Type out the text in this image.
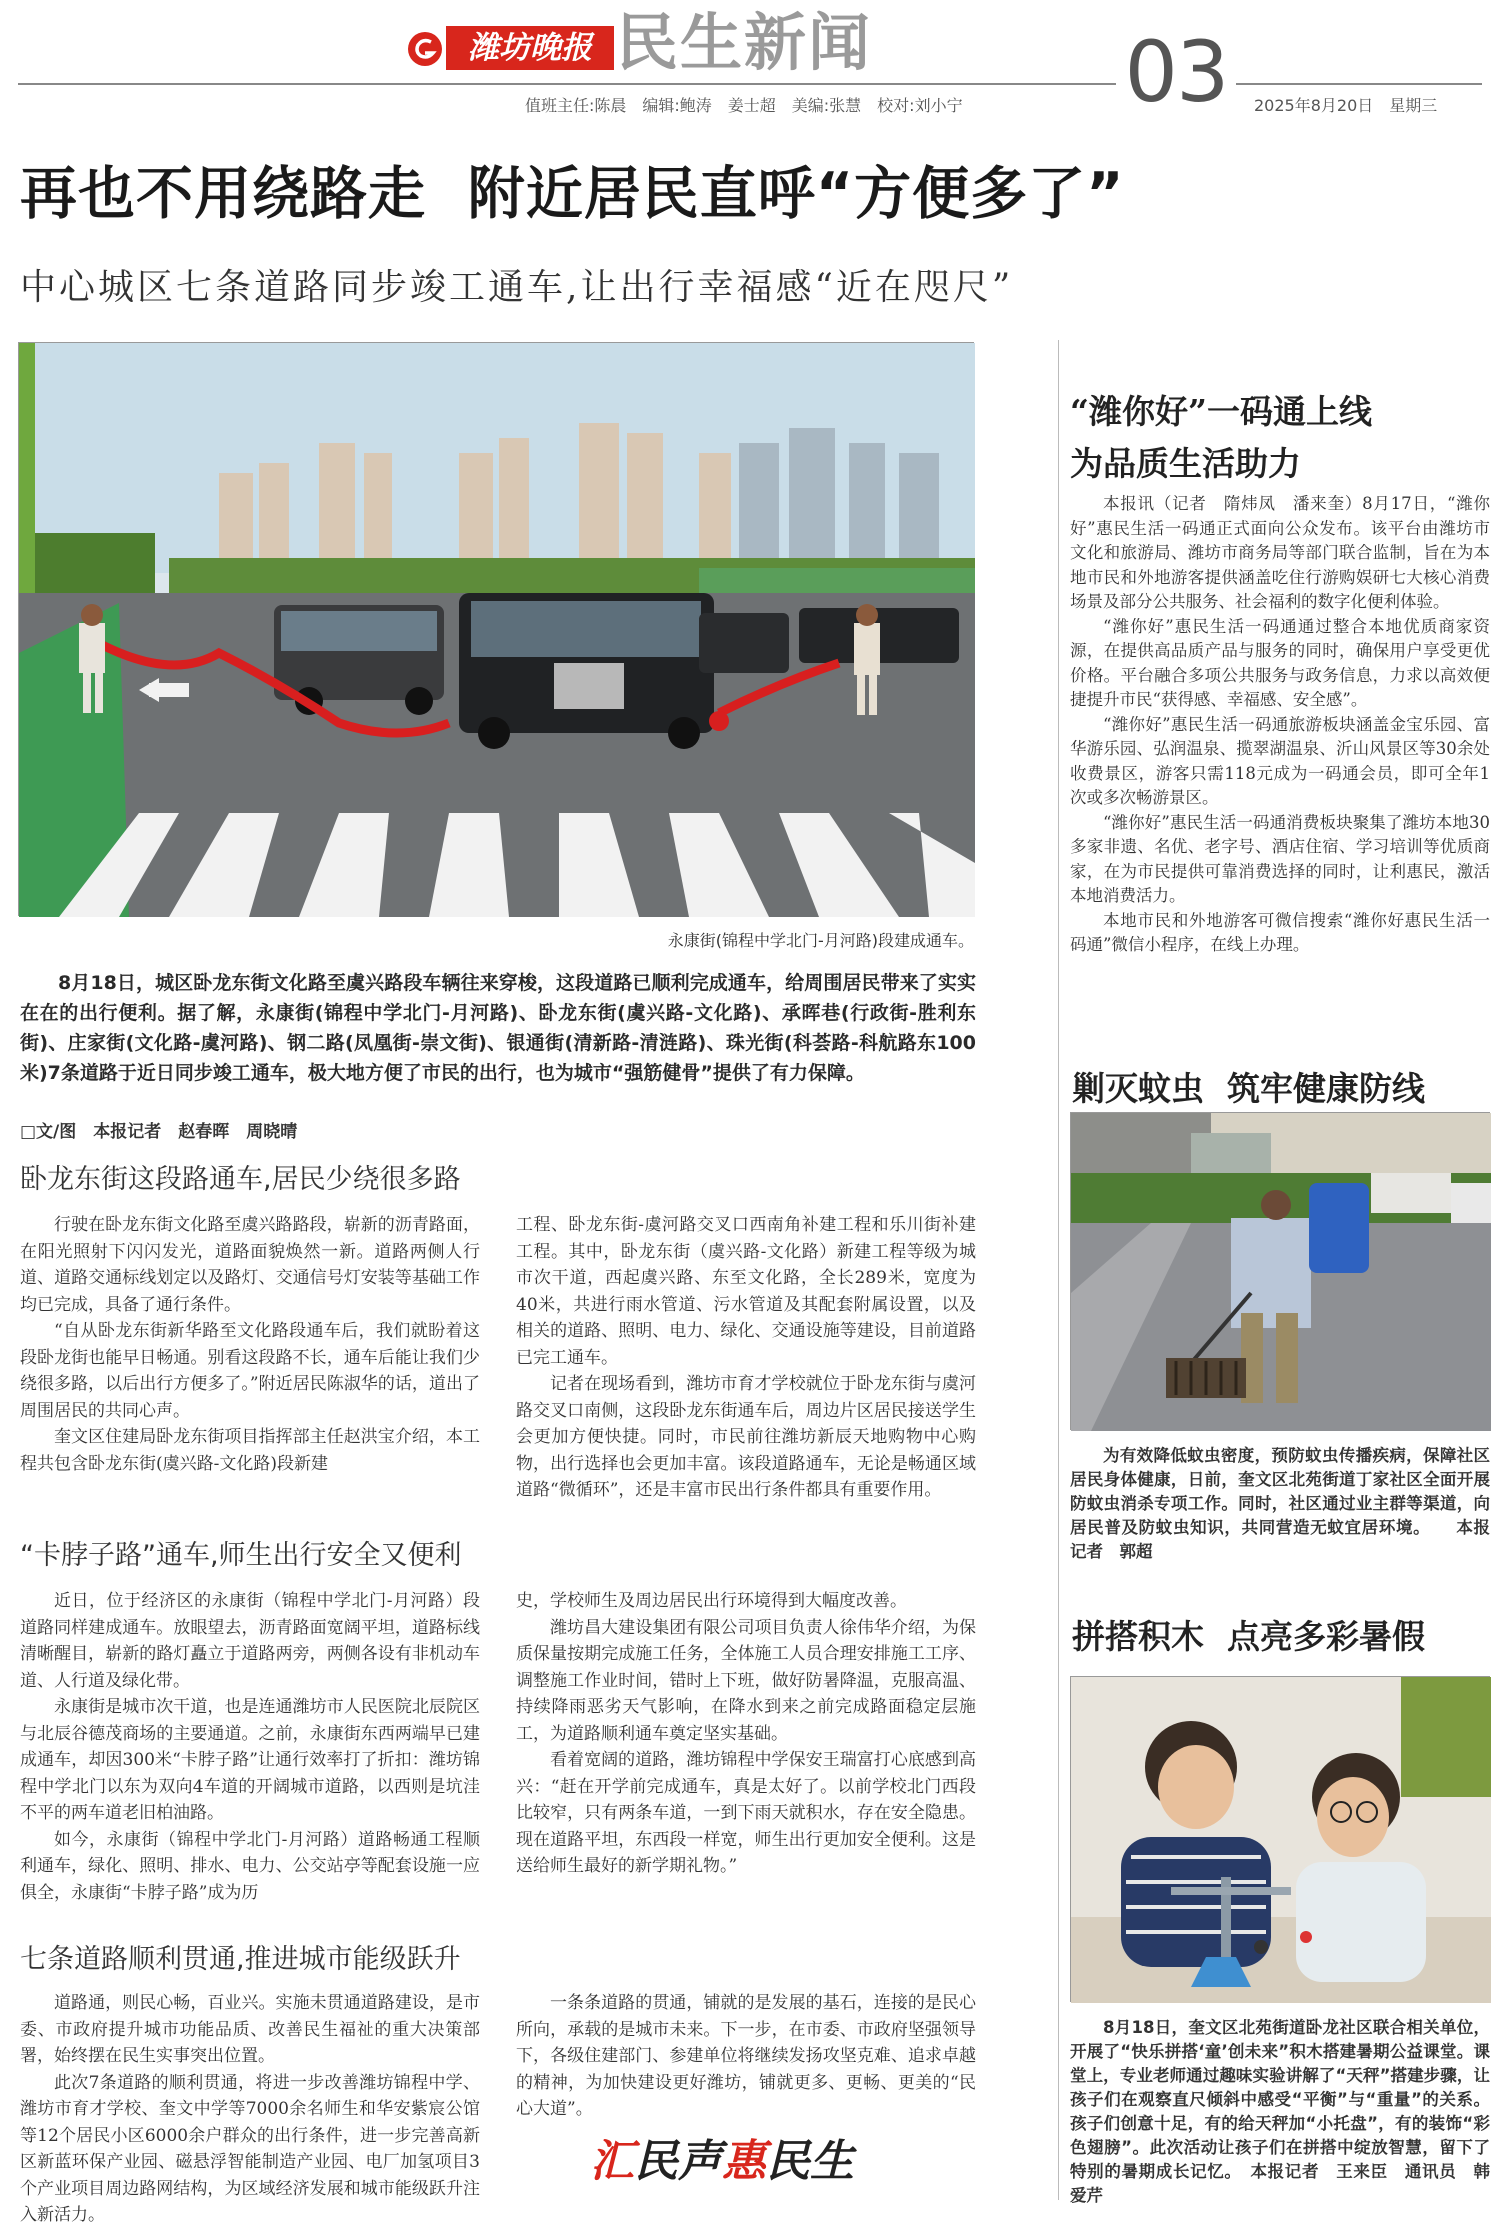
潍坊晚报 民生新闻
值班主任:陈晨　编辑:鲍涛　姜士超　美编:张慧　校对:刘小宁 03	2025年8月20日　星期三
再也不用绕路走  附近居民直呼“方便多了”
中心城区七条道路同步竣工通车,让出行幸福感“近在咫尺”
永康街(锦程中学北门-月河路)段建成通车。

8月18日，城区卧龙东街文化路至虞兴路段车辆往来穿梭，这段道路已顺利完成通车，给周围居民带来了实实在在的出行便利。据了解，永康街(锦程中学北门-月河路)、卧龙东街(虞兴路-文化路)、承晖巷(行政街-胜利东街)、庄家街(文化路-虞河路)、钢二路(凤凰街-崇文街)、银通街(清新路-清涟路)、珠光街(科荟路-科航路东100米)7条道路于近日同步竣工通车，极大地方便了市民的出行，也为城市“强筋健骨”提供了有力保障。

□文/图　本报记者　赵春晖　周晓晴
卧龙东街这段路通车,居民少绕很多路

行驶在卧龙东街文化路至虞兴路路段，崭新的沥青路面，在阳光照射下闪闪发光，道路面貌焕然一新。道路两侧人行道、道路交通标线划定以及路灯、交通信号灯安装等基础工作均已完成，具备了通行条件。

“自从卧龙东街新华路至文化路段通车后，我们就盼着这段卧龙街也能早日畅通。别看这段路不长，通车后能让我们少绕很多路，以后出行方便多了。”附近居民陈淑华的话，道出了周围居民的共同心声。

奎文区住建局卧龙东街项目指挥部主任赵洪宝介绍，本工程共包含卧龙东街(虞兴路-文化路)段新建

工程、卧龙东街-虞河路交叉口西南角补建工程和乐川街补建工程。其中，卧龙东街（虞兴路-文化路）新建工程等级为城市次干道，西起虞兴路、东至文化路，全长289米，宽度为40米，共进行雨水管道、污水管道及其配套附属设置，以及相关的道路、照明、电力、绿化、交通设施等建设，目前道路已完工通车。

记者在现场看到，潍坊市育才学校就位于卧龙东街与虞河路交叉口南侧，这段卧龙东街通车后，周边片区居民接送学生会更加方便快捷。同时，市民前往潍坊新辰天地购物中心购物，出行选择也会更加丰富。该段道路通车，无论是畅通区域道路“微循环”，还是丰富市民出行条件都具有重要作用。

“卡脖子路”通车,师生出行安全又便利

近日，位于经济区的永康街（锦程中学北门-月河路）段道路同样建成通车。放眼望去，沥青路面宽阔平坦，道路标线清晰醒目，崭新的路灯矗立于道路两旁，两侧各设有非机动车道、人行道及绿化带。

永康街是城市次干道，也是连通潍坊市人民医院北辰院区与北辰谷德茂商场的主要通道。之前，永康街东西两端早已建成通车，却因300米“卡脖子路”让通行效率打了折扣：潍坊锦程中学北门以东为双向4车道的开阔城市道路，以西则是坑洼不平的两车道老旧柏油路。

如今，永康街（锦程中学北门-月河路）道路畅通工程顺利通车，绿化、照明、排水、电力、公交站亭等配套设施一应俱全，永康街“卡脖子路”成为历

史，学校师生及周边居民出行环境得到大幅度改善。

潍坊昌大建设集团有限公司项目负责人徐伟华介绍，为保质保量按期完成施工任务，全体施工人员合理安排施工工序、调整施工作业时间，错时上下班，做好防暑降温，克服高温、持续降雨恶劣天气影响，在降水到来之前完成路面稳定层施工，为道路顺利通车奠定坚实基础。

看着宽阔的道路，潍坊锦程中学保安王瑞富打心底感到高兴：“赶在开学前完成通车，真是太好了。以前学校北门西段比较窄，只有两条车道，一到下雨天就积水，存在安全隐患。现在道路平坦，东西段一样宽，师生出行更加安全便利。这是送给师生最好的新学期礼物。”

七条道路顺利贯通,推进城市能级跃升

道路通，则民心畅，百业兴。实施未贯通道路建设，是市委、市政府提升城市功能品质、改善民生福祉的重大决策部署，始终摆在民生实事突出位置。

此次7条道路的顺利贯通，将进一步改善潍坊锦程中学、潍坊市育才学校、奎文中学等7000余名师生和华安紫宸公馆等12个居民小区6000余户群众的出行条件，进一步完善高新区新蓝环保产业园、磁悬浮智能制造产业园、电厂加氢项目3个产业项目周边路网结构，为区域经济发展和城市能级跃升注入新活力。

一条条道路的贯通，铺就的是发展的基石，连接的是民心所向，承载的是城市未来。下一步，在市委、市政府坚强领导下，各级住建部门、参建单位将继续发扬攻坚克难、追求卓越的精神，为加快建设更好潍坊，铺就更多、更畅、更美的“民心大道”。

汇民声惠民生
“潍你好”一码通上线
为品质生活助力

本报讯（记者　隋炜凤　潘来奎）8月17日，“潍你好”惠民生活一码通正式面向公众发布。该平台由潍坊市文化和旅游局、潍坊市商务局等部门联合监制，旨在为本地市民和外地游客提供涵盖吃住行游购娱研七大核心消费场景及部分公共服务、社会福利的数字化便利体验。

“潍你好”惠民生活一码通通过整合本地优质商家资源，在提供高品质产品与服务的同时，确保用户享受更优价格。平台融合多项公共服务与政务信息，力求以高效便捷提升市民“获得感、幸福感、安全感”。

“潍你好”惠民生活一码通旅游板块涵盖金宝乐园、富华游乐园、弘润温泉、揽翠湖温泉、沂山风景区等30余处收费景区，游客只需118元成为一码通会员，即可全年1次或多次畅游景区。

“潍你好”惠民生活一码通消费板块聚集了潍坊本地30多家非遗、名优、老字号、酒店住宿、学习培训等优质商家，在为市民提供可靠消费选择的同时，让利惠民，激活本地消费活力。

本地市民和外地游客可微信搜索“潍你好惠民生活一码通”微信小程序，在线上办理。

剿灭蚊虫  筑牢健康防线

为有效降低蚊虫密度，预防蚊虫传播疾病，保障社区居民身体健康，日前，奎文区北苑街道丁家社区全面开展防蚊虫消杀专项工作。同时，社区通过业主群等渠道，向居民普及防蚊虫知识，共同营造无蚊宜居环境。　　 本报记者　郭超

拼搭积木  点亮多彩暑假

8月18日，奎文区北苑街道卧龙社区联合相关单位，开展了“快乐拼搭‘童’创未来”积木搭建暑期公益课堂。课堂上，专业老师通过趣味实验讲解了“天秤”搭建步骤，让孩子们在观察直尺倾斜中感受“平衡”与“重量”的关系。孩子们创意十足，有的给天秤加“小托盘”，有的装饰“彩色翅膀”。此次活动让孩子们在拼搭中绽放智慧，留下了特别的暑期成长记忆。　 本报记者　王来臣　通讯员　韩爱芹
